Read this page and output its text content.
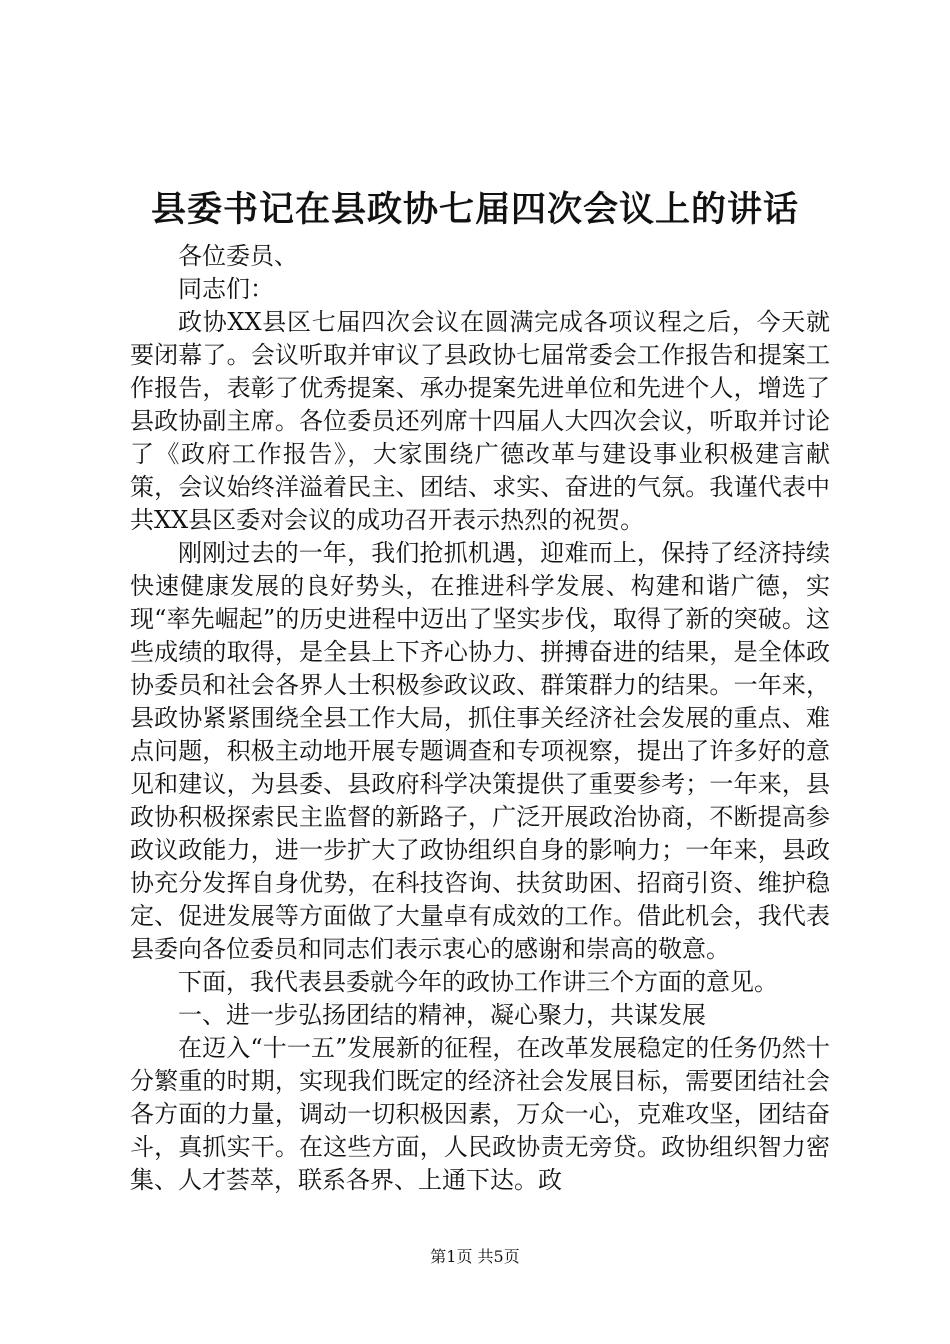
县委书记在县政协七届四次会议上的讲话

各位委员、

同志们：

政协XX县区七届四次会议在圆满完成各项议程之后，今天就要闭幕了。会议听取并审议了县政协七届常委会工作报告和提案工作报告，表彰了优秀提案、承办提案先进单位和先进个人，增选了县政协副主席。各位委员还列席十四届人大四次会议，听取并讨论了《政府工作报告》，大家围绕广德改革与建设事业积极建言献策，会议始终洋溢着民主、团结、求实、奋进的气氛。我谨代表中共XX县区委对会议的成功召开表示热烈的祝贺。

刚刚过去的一年，我们抢抓机遇，迎难而上，保持了经济持续快速健康发展的良好势头，在推进科学发展、构建和谐广德，实现“率先崛起”的历史进程中迈出了坚实步伐，取得了新的突破。这些成绩的取得，是全县上下齐心协力、拼搏奋进的结果，是全体政协委员和社会各界人士积极参政议政、群策群力的结果。一年来，县政协紧紧围绕全县工作大局，抓住事关经济社会发展的重点、难点问题，积极主动地开展专题调查和专项视察，提出了许多好的意见和建议，为县委、县政府科学决策提供了重要参考；一年来，县政协积极探索民主监督的新路子，广泛开展政治协商，不断提高参政议政能力，进一步扩大了政协组织自身的影响力；一年来，县政协充分发挥自身优势，在科技咨询、扶贫助困、招商引资、维护稳定、促进发展等方面做了大量卓有成效的工作。借此机会，我代表县委向各位委员和同志们表示衷心的感谢和崇高的敬意。

下面，我代表县委就今年的政协工作讲三个方面的意见。

一、进一步弘扬团结的精神，凝心聚力，共谋发展

在迈入“十一五”发展新的征程，在改革发展稳定的任务仍然十分繁重的时期，实现我们既定的经济社会发展目标，需要团结社会各方面的力量，调动一切积极因素，万众一心，克难攻坚，团结奋斗，真抓实干。在这些方面，人民政协责无旁贷。政协组织智力密集、人才荟萃，联系各界、上通下达。政

第1页 共5页
